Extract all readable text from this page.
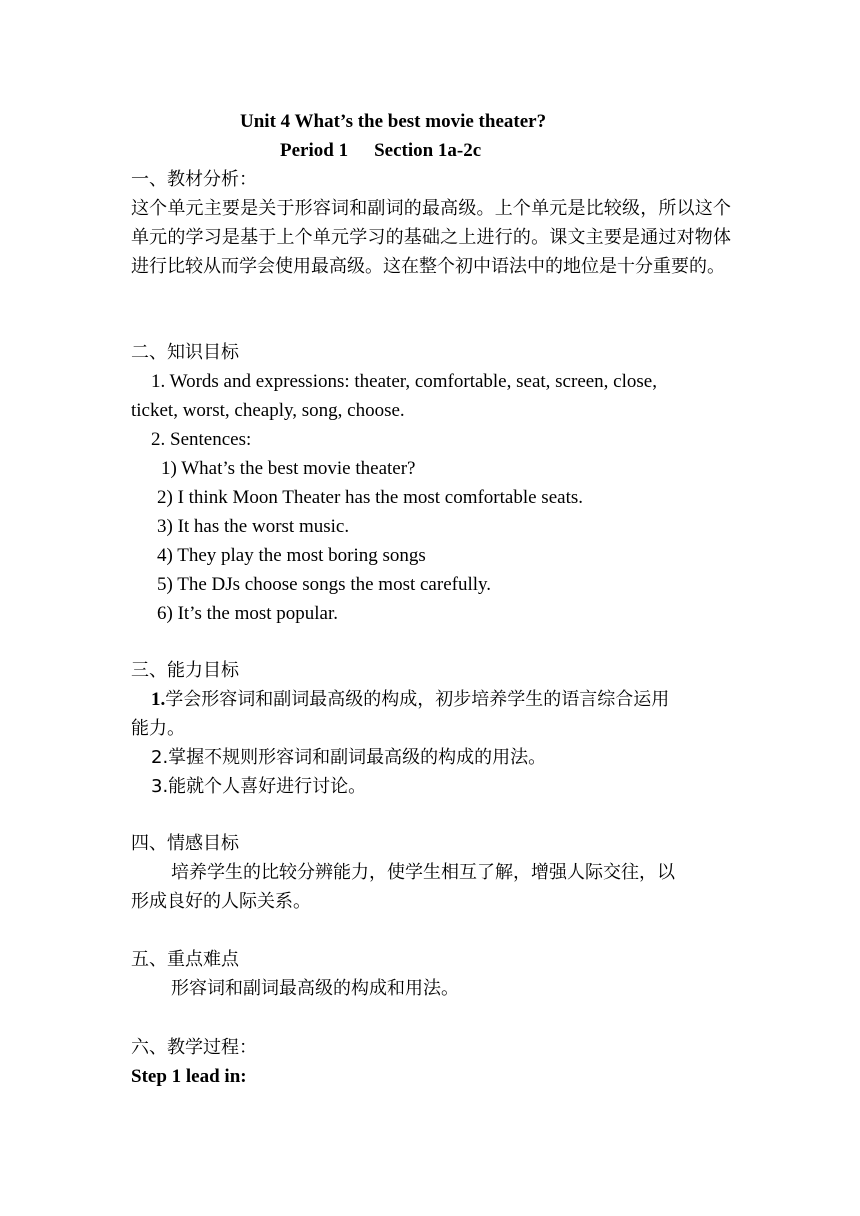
Unit 4 What’s the best movie theater?
Period 1 Section 1a-2c
一、教材分析：
这个单元主要是关于形容词和副词的最高级。上个单元是比较级，所以这个单元的学习是基于上个单元学习的基础之上进行的。课文主要是通过对物体进行比较从而学会使用最高级。这在整个初中语法中的地位是十分重要的。
二、知识目标
1. Words and expressions: theater, comfortable, seat, screen, close,
ticket, worst, cheaply, song, choose.
2. Sentences:
1) What’s the best movie theater?
2) I think Moon Theater has the most comfortable seats.
3) It has the worst music.
4) They play the most boring songs
5) The DJs choose songs the most carefully.
6) It’s the most popular.
三、能力目标
1.学会形容词和副词最高级的构成，初步培养学生的语言综合运用
能力。
2.掌握不规则形容词和副词最高级的构成的用法。
3.能就个人喜好进行讨论。
四、情感目标
培养学生的比较分辨能力，使学生相互了解，增强人际交往，以
形成良好的人际关系。
五、重点难点
形容词和副词最高级的构成和用法。
六、教学过程：
Step 1 lead in:
